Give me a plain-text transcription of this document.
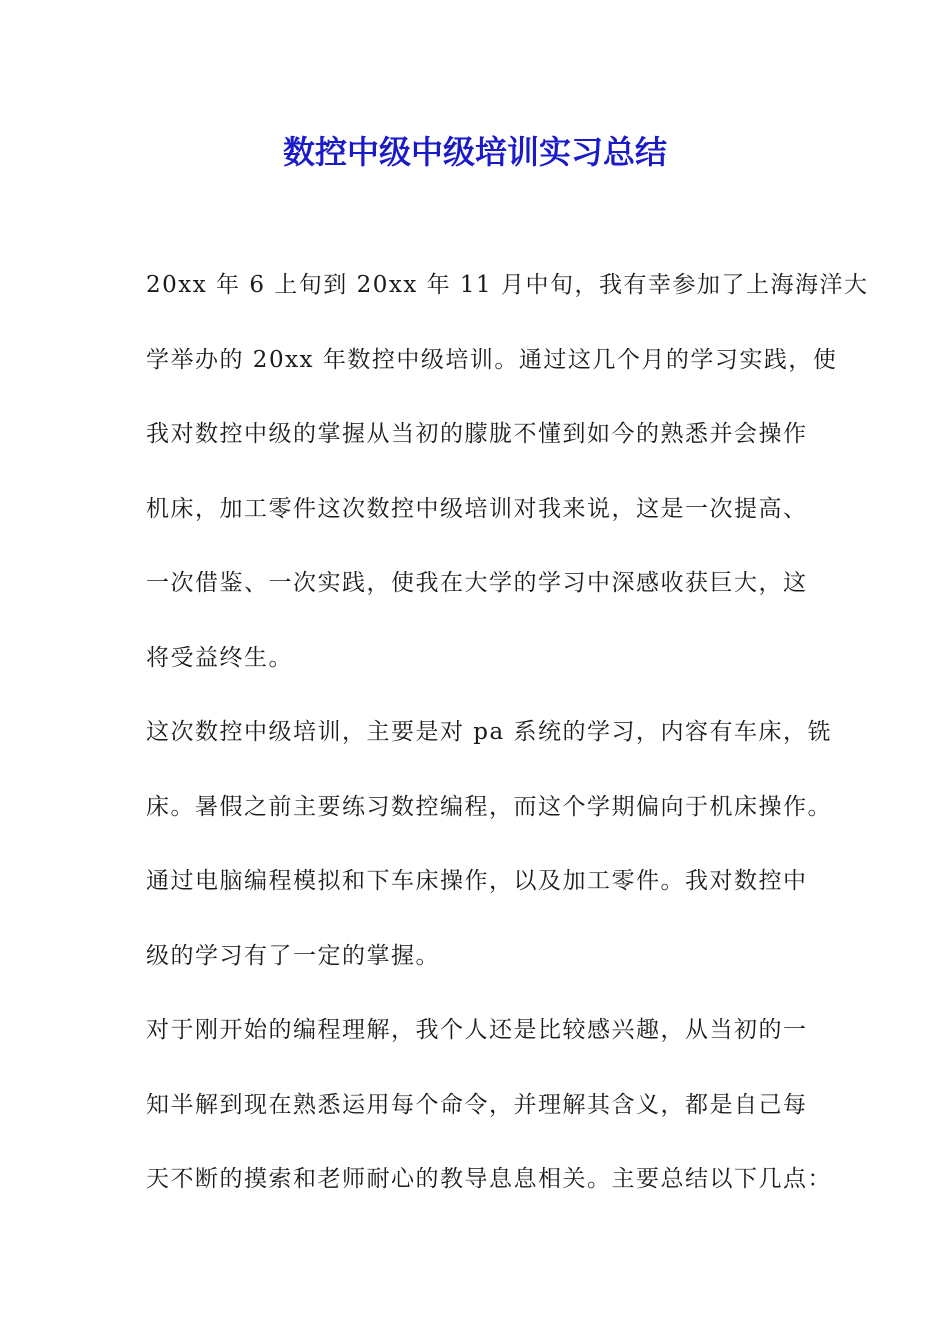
数控中级中级培训实习总结
20xx 年 6 上旬到 20xx 年 11 月中旬，我有幸参加了上海海洋大
学举办的 20xx 年数控中级培训。通过这几个月的学习实践，使
我对数控中级的掌握从当初的朦胧不懂到如今的熟悉并会操作
机床，加工零件这次数控中级培训对我来说，这是一次提高、
一次借鉴、一次实践，使我在大学的学习中深感收获巨大，这
将受益终生。
这次数控中级培训，主要是对 pa 系统的学习，内容有车床，铣
床。暑假之前主要练习数控编程，而这个学期偏向于机床操作。
通过电脑编程模拟和下车床操作，以及加工零件。我对数控中
级的学习有了一定的掌握。
对于刚开始的编程理解，我个人还是比较感兴趣，从当初的一
知半解到现在熟悉运用每个命令，并理解其含义，都是自己每
天不断的摸索和老师耐心的教导息息相关。主要总结以下几点：
